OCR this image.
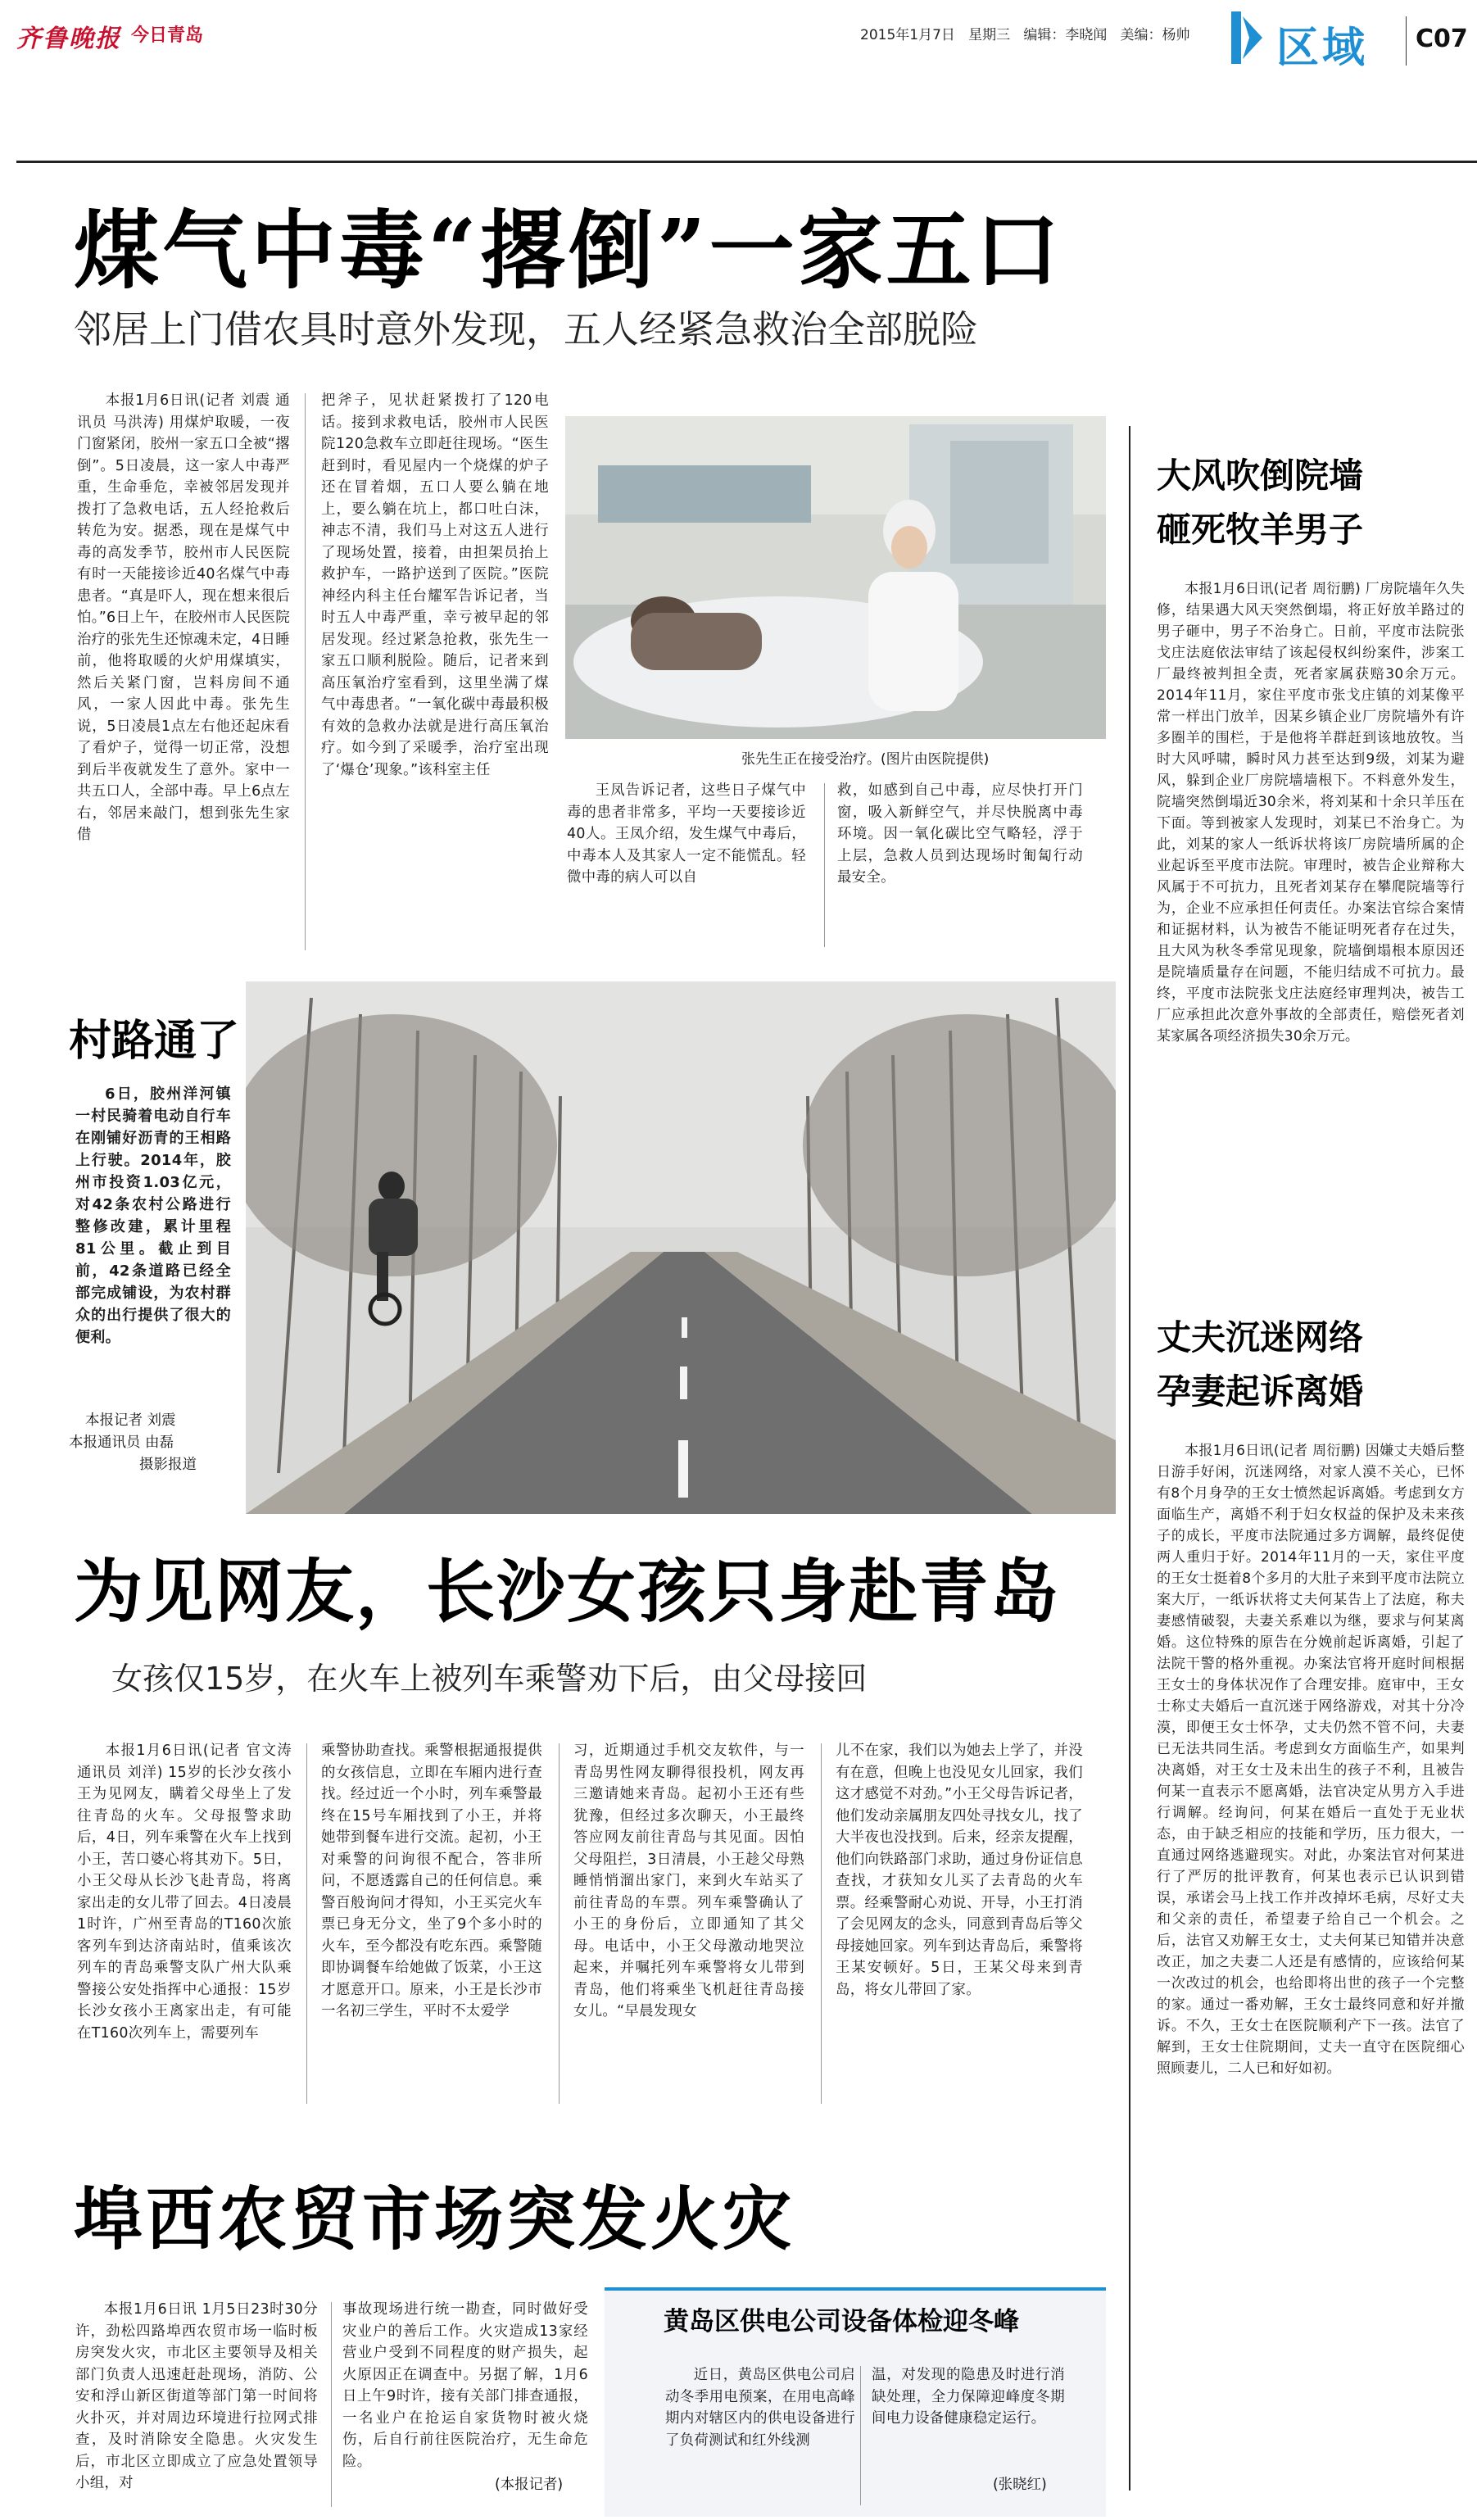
齐鲁晚报 今日青岛	2015年1月7日   星期三   编辑：李晓闻   美编：杨帅 区域 C07
煤气中毒“撂倒”一家五口
邻居上门借农具时意外发现，五人经紧急救治全部脱险

本报1月6日讯(记者 刘震 通讯员 马洪涛) 用煤炉取暖，一夜门窗紧闭，胶州一家五口全被“撂倒”。5日凌晨，这一家人中毒严重，生命垂危，幸被邻居发现并拨打了急救电话，五人经抢救后转危为安。据悉，现在是煤气中毒的高发季节，胶州市人民医院有时一天能接诊近40名煤气中毒患者。“真是吓人，现在想来很后怕。”6日上午，在胶州市人民医院治疗的张先生还惊魂未定，4日睡前，他将取暖的火炉用煤填实，然后关紧门窗，岂料房间不通风，一家人因此中毒。张先生说，5日凌晨1点左右他还起床看了看炉子，觉得一切正常，没想到后半夜就发生了意外。家中一共五口人，全部中毒。早上6点左右，邻居来敲门，想到张先生家借

把斧子，见状赶紧拨打了120电话。接到求救电话，胶州市人民医院120急救车立即赶往现场。“医生赶到时，看见屋内一个烧煤的炉子还在冒着烟，五口人要么躺在地上，要么躺在坑上，都口吐白沫，神志不清，我们马上对这五人进行了现场处置，接着，由担架员抬上救护车，一路护送到了医院。”医院神经内科主任台耀军告诉记者，当时五人中毒严重，幸亏被早起的邻居发现。经过紧急抢救，张先生一家五口顺利脱险。随后，记者来到高压氧治疗室看到，这里坐满了煤气中毒患者。“一氧化碳中毒最积极有效的急救办法就是进行高压氧治疗。如今到了采暖季，治疗室出现了‘爆仓’现象。”该科室主任

张先生正在接受治疗。(图片由医院提供)

王凤告诉记者，这些日子煤气中毒的患者非常多，平均一天要接诊近40人。王凤介绍，发生煤气中毒后，中毒本人及其家人一定不能慌乱。轻微中毒的病人可以自

救，如感到自己中毒，应尽快打开门窗，吸入新鲜空气，并尽快脱离中毒环境。因一氧化碳比空气略轻，浮于上层，急救人员到达现场时匍匐行动最安全。

村路通了

6日，胶州洋河镇一村民骑着电动自行车在刚铺好沥青的王相路上行驶。2014年，胶州市投资1.03亿元，对42条农村公路进行整修改建，累计里程81公里。截止到目前，42条道路已经全部完成铺设，为农村群众的出行提供了很大的便利。

本报记者 刘震
本报通讯员 由磊
摄影报道
为见网友，长沙女孩只身赴青岛
女孩仅15岁，在火车上被列车乘警劝下后，由父母接回

本报1月6日讯(记者 官文涛 通讯员 刘洋) 15岁的长沙女孩小王为见网友，瞒着父母坐上了发往青岛的火车。父母报警求助后，4日，列车乘警在火车上找到小王，苦口婆心将其劝下。5日，小王父母从长沙飞赴青岛，将离家出走的女儿带了回去。4日凌晨1时许，广州至青岛的T160次旅客列车到达济南站时，值乘该次列车的青岛乘警支队广州大队乘警接公安处指挥中心通报：15岁长沙女孩小王离家出走，有可能在T160次列车上，需要列车

乘警协助查找。乘警根据通报提供的女孩信息，立即在车厢内进行查找。经过近一个小时，列车乘警最终在15号车厢找到了小王，并将她带到餐车进行交流。起初，小王对乘警的问询很不配合，答非所问，不愿透露自己的任何信息。乘警百般询问才得知，小王买完火车票已身无分文，坐了9个多小时的火车，至今都没有吃东西。乘警随即协调餐车给她做了饭菜，小王这才愿意开口。原来，小王是长沙市一名初三学生，平时不太爱学

习，近期通过手机交友软件，与一青岛男性网友聊得很投机，网友再三邀请她来青岛。起初小王还有些犹豫，但经过多次聊天，小王最终答应网友前往青岛与其见面。因怕父母阻拦，3日清晨，小王趁父母熟睡悄悄溜出家门，来到火车站买了前往青岛的车票。列车乘警确认了小王的身份后，立即通知了其父母。电话中，小王父母激动地哭泣起来，并嘱托列车乘警将女儿带到青岛，他们将乘坐飞机赶往青岛接女儿。“早晨发现女

儿不在家，我们以为她去上学了，并没有在意，但晚上也没见女儿回家，我们这才感觉不对劲。”小王父母告诉记者，他们发动亲属朋友四处寻找女儿，找了大半夜也没找到。后来，经亲友提醒，他们向铁路部门求助，通过身份证信息查找，才获知女儿买了去青岛的火车票。经乘警耐心劝说、开导，小王打消了会见网友的念头，同意到青岛后等父母接她回家。列车到达青岛后，乘警将王某安顿好。5日，王某父母来到青岛，将女儿带回了家。

埠西农贸市场突发火灾

本报1月6日讯 1月5日23时30分许，劲松四路埠西农贸市场一临时板房突发火灾，市北区主要领导及相关部门负责人迅速赶赴现场，消防、公安和浮山新区街道等部门第一时间将火扑灭，并对周边环境进行拉网式排查，及时消除安全隐患。火灾发生后，市北区立即成立了应急处置领导小组，对

事故现场进行统一勘查，同时做好受灾业户的善后工作。火灾造成13家经营业户受到不同程度的财产损失，起火原因正在调查中。另据了解，1月6日上午9时许，接有关部门排查通报，一名业户在抢运自家货物时被火烧伤，后自行前往医院治疗，无生命危险。

(本报记者)
黄岛区供电公司设备体检迎冬峰

近日，黄岛区供电公司启动冬季用电预案，在用电高峰期内对辖区内的供电设备进行了负荷测试和红外线测

温，对发现的隐患及时进行消缺处理，全力保障迎峰度冬期间电力设备健康稳定运行。

(张晓红)
大风吹倒院墙
砸死牧羊男子

本报1月6日讯(记者 周衍鹏) 厂房院墙年久失修，结果遇大风天突然倒塌，将正好放羊路过的男子砸中，男子不治身亡。日前，平度市法院张戈庄法庭依法审结了该起侵权纠纷案件，涉案工厂最终被判担全责，死者家属获赔30余万元。2014年11月，家住平度市张戈庄镇的刘某像平常一样出门放羊，因某乡镇企业厂房院墙外有许多圈羊的围栏，于是他将羊群赶到该地放牧。当时大风呼啸，瞬时风力甚至达到9级，刘某为避风，躲到企业厂房院墙墙根下。不料意外发生，院墙突然倒塌近30余米，将刘某和十余只羊压在下面。等到被家人发现时，刘某已不治身亡。为此，刘某的家人一纸诉状将该厂房院墙所属的企业起诉至平度市法院。审理时，被告企业辩称大风属于不可抗力，且死者刘某存在攀爬院墙等行为，企业不应承担任何责任。办案法官综合案情和证据材料，认为被告不能证明死者存在过失，且大风为秋冬季常见现象，院墙倒塌根本原因还是院墙质量存在问题，不能归结成不可抗力。最终，平度市法院张戈庄法庭经审理判决，被告工厂应承担此次意外事故的全部责任，赔偿死者刘某家属各项经济损失30余万元。

丈夫沉迷网络
孕妻起诉离婚

本报1月6日讯(记者 周衍鹏) 因嫌丈夫婚后整日游手好闲，沉迷网络，对家人漠不关心，已怀有8个月身孕的王女士愤然起诉离婚。考虑到女方面临生产，离婚不利于妇女权益的保护及未来孩子的成长，平度市法院通过多方调解，最终促使两人重归于好。2014年11月的一天，家住平度的王女士挺着8个多月的大肚子来到平度市法院立案大厅，一纸诉状将丈夫何某告上了法庭，称夫妻感情破裂，夫妻关系难以为继，要求与何某离婚。这位特殊的原告在分娩前起诉离婚，引起了法院干警的格外重视。办案法官将开庭时间根据王女士的身体状况作了合理安排。庭审中，王女士称丈夫婚后一直沉迷于网络游戏，对其十分冷漠，即便王女士怀孕，丈夫仍然不管不问，夫妻已无法共同生活。考虑到女方面临生产，如果判决离婚，对王女士及未出生的孩子不利，且被告何某一直表示不愿离婚，法官决定从男方入手进行调解。经询问，何某在婚后一直处于无业状态，由于缺乏相应的技能和学历，压力很大，一直通过网络逃避现实。对此，办案法官对何某进行了严厉的批评教育，何某也表示已认识到错误，承诺会马上找工作并改掉坏毛病，尽好丈夫和父亲的责任，希望妻子给自己一个机会。之后，法官又劝解王女士，丈夫何某已知错并决意改正，加之夫妻二人还是有感情的，应该给何某一次改过的机会，也给即将出世的孩子一个完整的家。通过一番劝解，王女士最终同意和好并撤诉。不久，王女士在医院顺利产下一孩。法官了解到，王女士住院期间，丈夫一直守在医院细心照顾妻儿，二人已和好如初。
